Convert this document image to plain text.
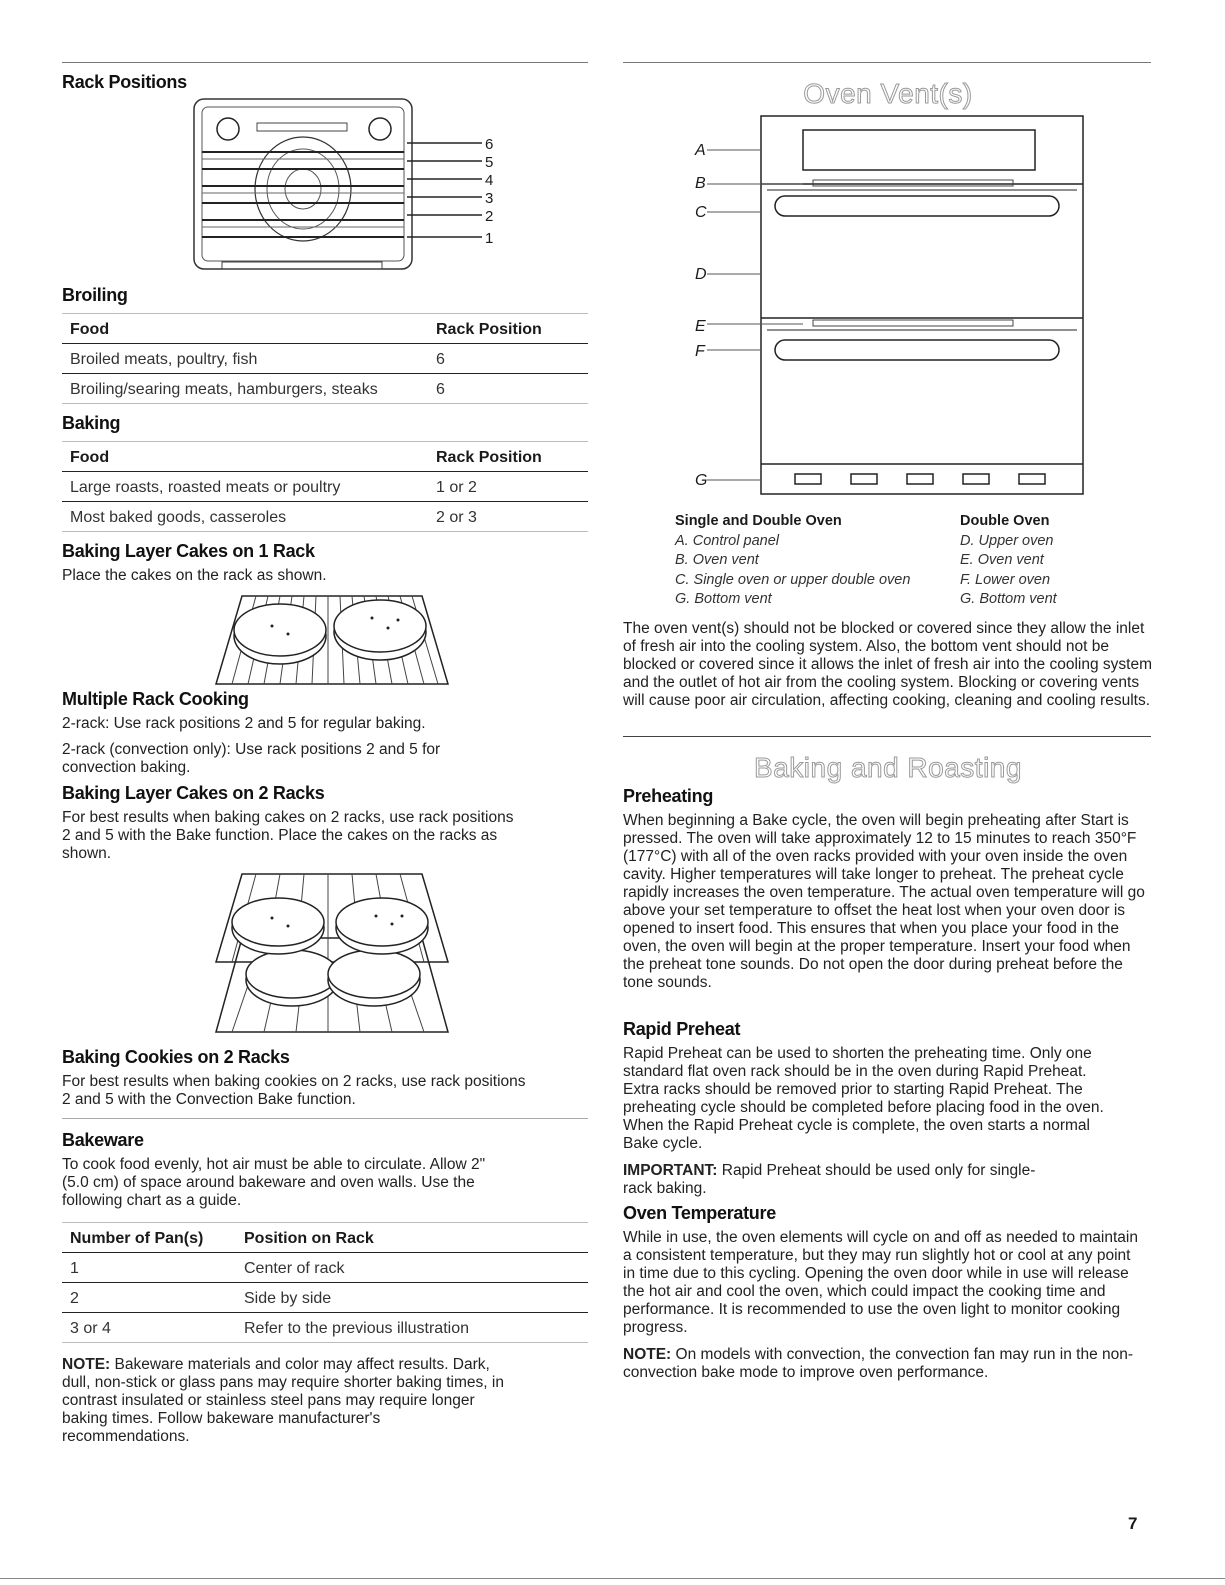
Rack Positions
6
5
4
3
2
1
Broiling
Food	Rack Position
Broiled meats, poultry, fish	6
Broiling/searing meats, hamburgers, steaks	6
Baking
Food	Rack Position
Large roasts, roasted meats or poultry	1 or 2
Most baked goods, casseroles	2 or 3
Baking Layer Cakes on 1 Rack

Place the cakes on the rack as shown.

Multiple Rack Cooking

2-rack: Use rack positions 2 and 5 for regular baking.

2-rack (convection only): Use rack positions 2 and 5 for convection baking.

Baking Layer Cakes on 2 Racks

For best results when baking cakes on 2 racks, use rack positions 2 and 5 with the Bake function. Place the cakes on the racks as shown.

Baking Cookies on 2 Racks

For best results when baking cookies on 2 racks, use rack positions 2 and 5 with the Convection Bake function.

Bakeware

To cook food evenly, hot air must be able to circulate. Allow 2" (5.0 cm) of space around bakeware and oven walls. Use the following chart as a guide.

Number of Pan(s)	Position on Rack
1	Center of rack
2	Side by side
3 or 4	Refer to the previous illustration

NOTE: Bakeware materials and color may affect results. Dark, dull, non-stick or glass pans may require shorter baking times, in contrast insulated or stainless steel pans may require longer baking times. Follow bakeware manufacturer's recommendations.

Oven Vent(s)
A
B
C
D
E
F
G
Single and Double Oven
A. Control panel
B. Oven vent
C. Single oven or upper double oven
G. Bottom vent
Double Oven
D. Upper oven
E. Oven vent
F. Lower oven
G. Bottom vent

The oven vent(s) should not be blocked or covered since they allow the inlet of fresh air into the cooling system. Also, the bottom vent should not be blocked or covered since it allows the inlet of fresh air into the cooling system and the outlet of hot air from the cooling system. Blocking or covering vents will cause poor air circulation, affecting cooking, cleaning and cooling results.

Baking and Roasting
Preheating

When beginning a Bake cycle, the oven will begin preheating after Start is pressed. The oven will take approximately 12 to 15 minutes to reach 350°F (177°C) with all of the oven racks provided with your oven inside the oven cavity. Higher temperatures will take longer to preheat. The preheat cycle rapidly increases the oven temperature. The actual oven temperature will go above your set temperature to offset the heat lost when your oven door is opened to insert food. This ensures that when you place your food in the oven, the oven will begin at the proper temperature. Insert your food when the preheat tone sounds. Do not open the door during preheat before the tone sounds.

Rapid Preheat

Rapid Preheat can be used to shorten the preheating time. Only one standard flat oven rack should be in the oven during Rapid Preheat. Extra racks should be removed prior to starting Rapid Preheat. The preheating cycle should be completed before placing food in the oven. When the Rapid Preheat cycle is complete, the oven starts a normal Bake cycle.

IMPORTANT: Rapid Preheat should be used only for single-rack baking.

Oven Temperature

While in use, the oven elements will cycle on and off as needed to maintain a consistent temperature, but they may run slightly hot or cool at any point in time due to this cycling. Opening the oven door while in use will release the hot air and cool the oven, which could impact the cooking time and performance. It is recommended to use the oven light to monitor cooking progress.

NOTE: On models with convection, the convection fan may run in the non-convection bake mode to improve oven performance.

7
